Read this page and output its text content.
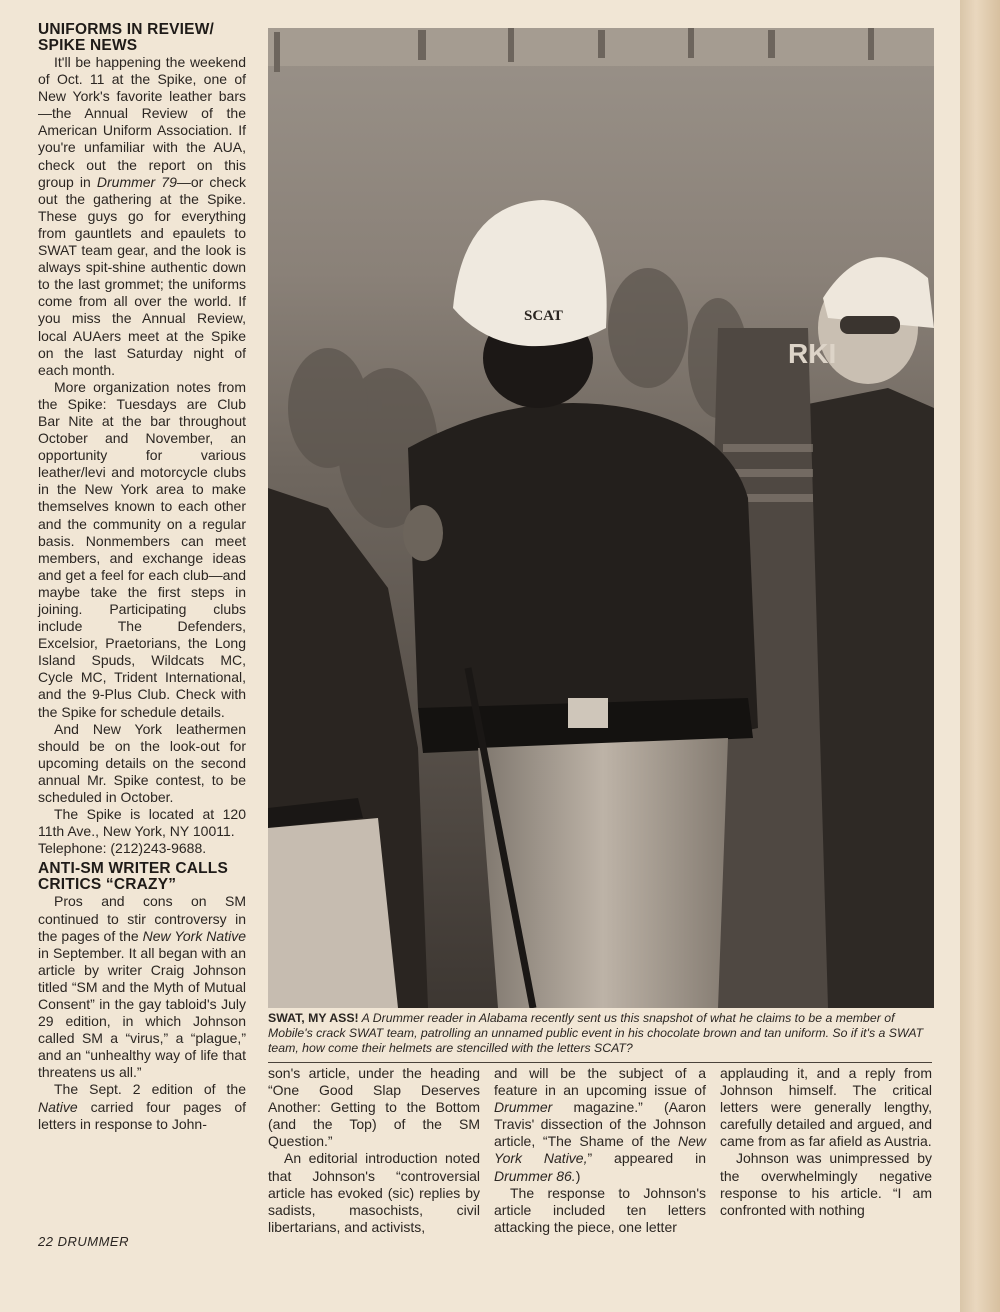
UNIFORMS IN REVIEW/
SPIKE NEWS

It'll be happening the weekend of Oct. 11 at the Spike, one of New York's favorite leather bars—the Annual Review of the American Uniform Association. If you're unfamiliar with the AUA, check out the report on this group in Drummer 79—or check out the gathering at the Spike. These guys go for everything from gauntlets and epaulets to SWAT team gear, and the look is always spit-shine authentic down to the last grommet; the uniforms come from all over the world. If you miss the Annual Review, local AUAers meet at the Spike on the last Saturday night of each month.

More organization notes from the Spike: Tuesdays are Club Bar Nite at the bar throughout October and November, an opportunity for various leather/levi and motorcycle clubs in the New York area to make themselves known to each other and the community on a regular basis. Nonmembers can meet members, and exchange ideas and get a feel for each club—and maybe take the first steps in joining. Participating clubs include The Defenders, Excelsior, Praetorians, the Long Island Spuds, Wildcats MC, Cycle MC, Trident International, and the 9-Plus Club. Check with the Spike for schedule details.

And New York leathermen should be on the look-out for upcoming details on the second annual Mr. Spike contest, to be scheduled in October.

The Spike is located at 120 11th Ave., New York, NY 10011.
Telephone: (212)243-9688.

ANTI-SM WRITER CALLS
CRITICS “CRAZY”

Pros and cons on SM continued to stir controversy in the pages of the New York Native in September. It all began with an article by writer Craig Johnson titled “SM and the Myth of Mutual Consent” in the gay tabloid's July 29 edition, in which Johnson called SM a “virus,” a “plague,” and an “unhealthy way of life that threatens us all.”

The Sept. 2 edition of the Native carried four pages of letters in response to John-

RKI
SCAT
SWAT, MY ASS! A Drummer reader in Alabama recently sent us this snapshot of what he claims to be a member of Mobile's crack SWAT team, patrolling an unnamed public event in his chocolate brown and tan uniform. So if it's a SWAT team, how come their helmets are stencilled with the letters SCAT?

son's article, under the heading “One Good Slap Deserves Another: Getting to the Bottom (and the Top) of the SM Question.”

An editorial introduction noted that Johnson's “controversial article has evoked (sic) replies by sadists, masochists, civil libertarians, and activists,

and will be the subject of a feature in an upcoming issue of Drummer magazine.” (Aaron Travis' dissection of the Johnson article, “The Shame of the New York Native,” appeared in Drummer 86.)

The response to Johnson's article included ten letters attacking the piece, one letter

applauding it, and a reply from Johnson himself. The critical letters were generally lengthy, carefully detailed and argued, and came from as far afield as Austria.

Johnson was unimpressed by the overwhelmingly negative response to his article. “I am confronted with nothing

22 DRUMMER
